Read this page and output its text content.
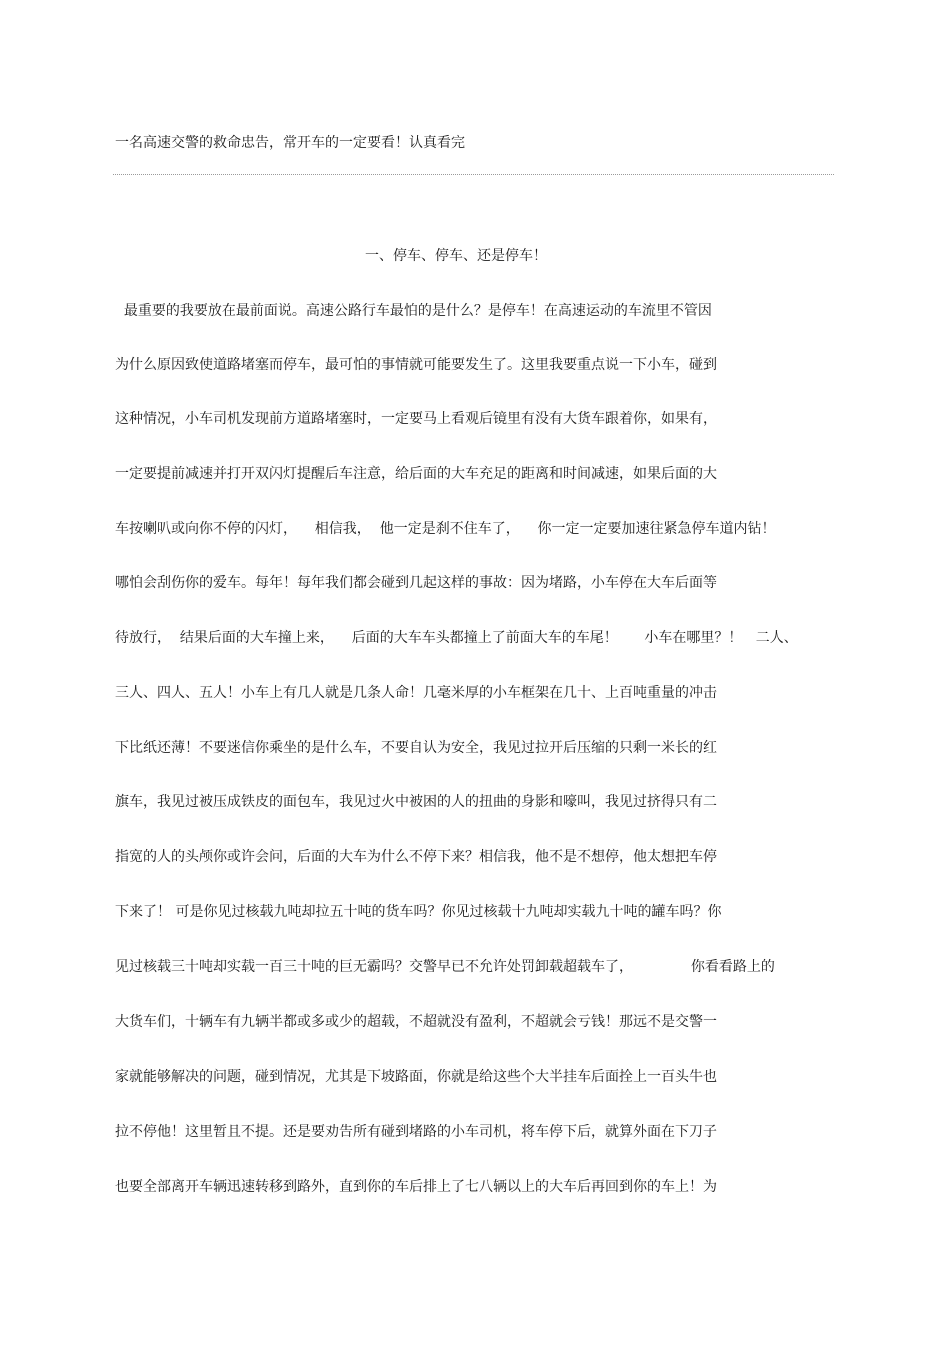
一名高速交警的救命忠告，常开车的一定要看！认真看完
一、停车、停车、还是停车！
最重要的我要放在最前面说。高速公路行车最怕的是什么？是停车！在高速运动的车流里不管因
为什么原因致使道路堵塞而停车，最可怕的事情就可能要发生了。这里我要重点说一下小车，碰到
这种情况，小车司机发现前方道路堵塞时，一定要马上看观后镜里有没有大货车跟着你，如果有，
一定要提前减速并打开双闪灯提醒后车注意，给后面的大车充足的距离和时间减速，如果后面的大
车按喇叭或向你不停的闪灯，    相信我，  他一定是刹不住车了，    你一定一定要加速往紧急停车道内钻！
哪怕会刮伤你的爱车。每年！每年我们都会碰到几起这样的事故：因为堵路，小车停在大车后面等
待放行，  结果后面的大车撞上来，    后面的大车车头都撞上了前面大车的车尾！      小车在哪里？！   二人、
三人、四人、五人！小车上有几人就是几条人命！几毫米厚的小车框架在几十、上百吨重量的冲击
下比纸还薄！不要迷信你乘坐的是什么车，不要自认为安全，我见过拉开后压缩的只剩一米长的红
旗车，我见过被压成铁皮的面包车，我见过火中被困的人的扭曲的身影和嚎叫，我见过挤得只有二
指宽的人的头颅你或许会问，后面的大车为什么不停下来？相信我，他不是不想停，他太想把车停
下来了！ 可是你见过核载九吨却拉五十吨的货车吗？你见过核载十九吨却实载九十吨的罐车吗？你
见过核载三十吨却实载一百三十吨的巨无霸吗？交警早已不允许处罚卸载超载车了，             你看看路上的
大货车们，十辆车有九辆半都或多或少的超载，不超就没有盈利，不超就会亏钱！那远不是交警一
家就能够解决的问题，碰到情况，尤其是下坡路面，你就是给这些个大半挂车后面拴上一百头牛也
拉不停他！这里暂且不提。还是要劝告所有碰到堵路的小车司机，将车停下后，就算外面在下刀子
也要全部离开车辆迅速转移到路外，直到你的车后排上了七八辆以上的大车后再回到你的车上！为
